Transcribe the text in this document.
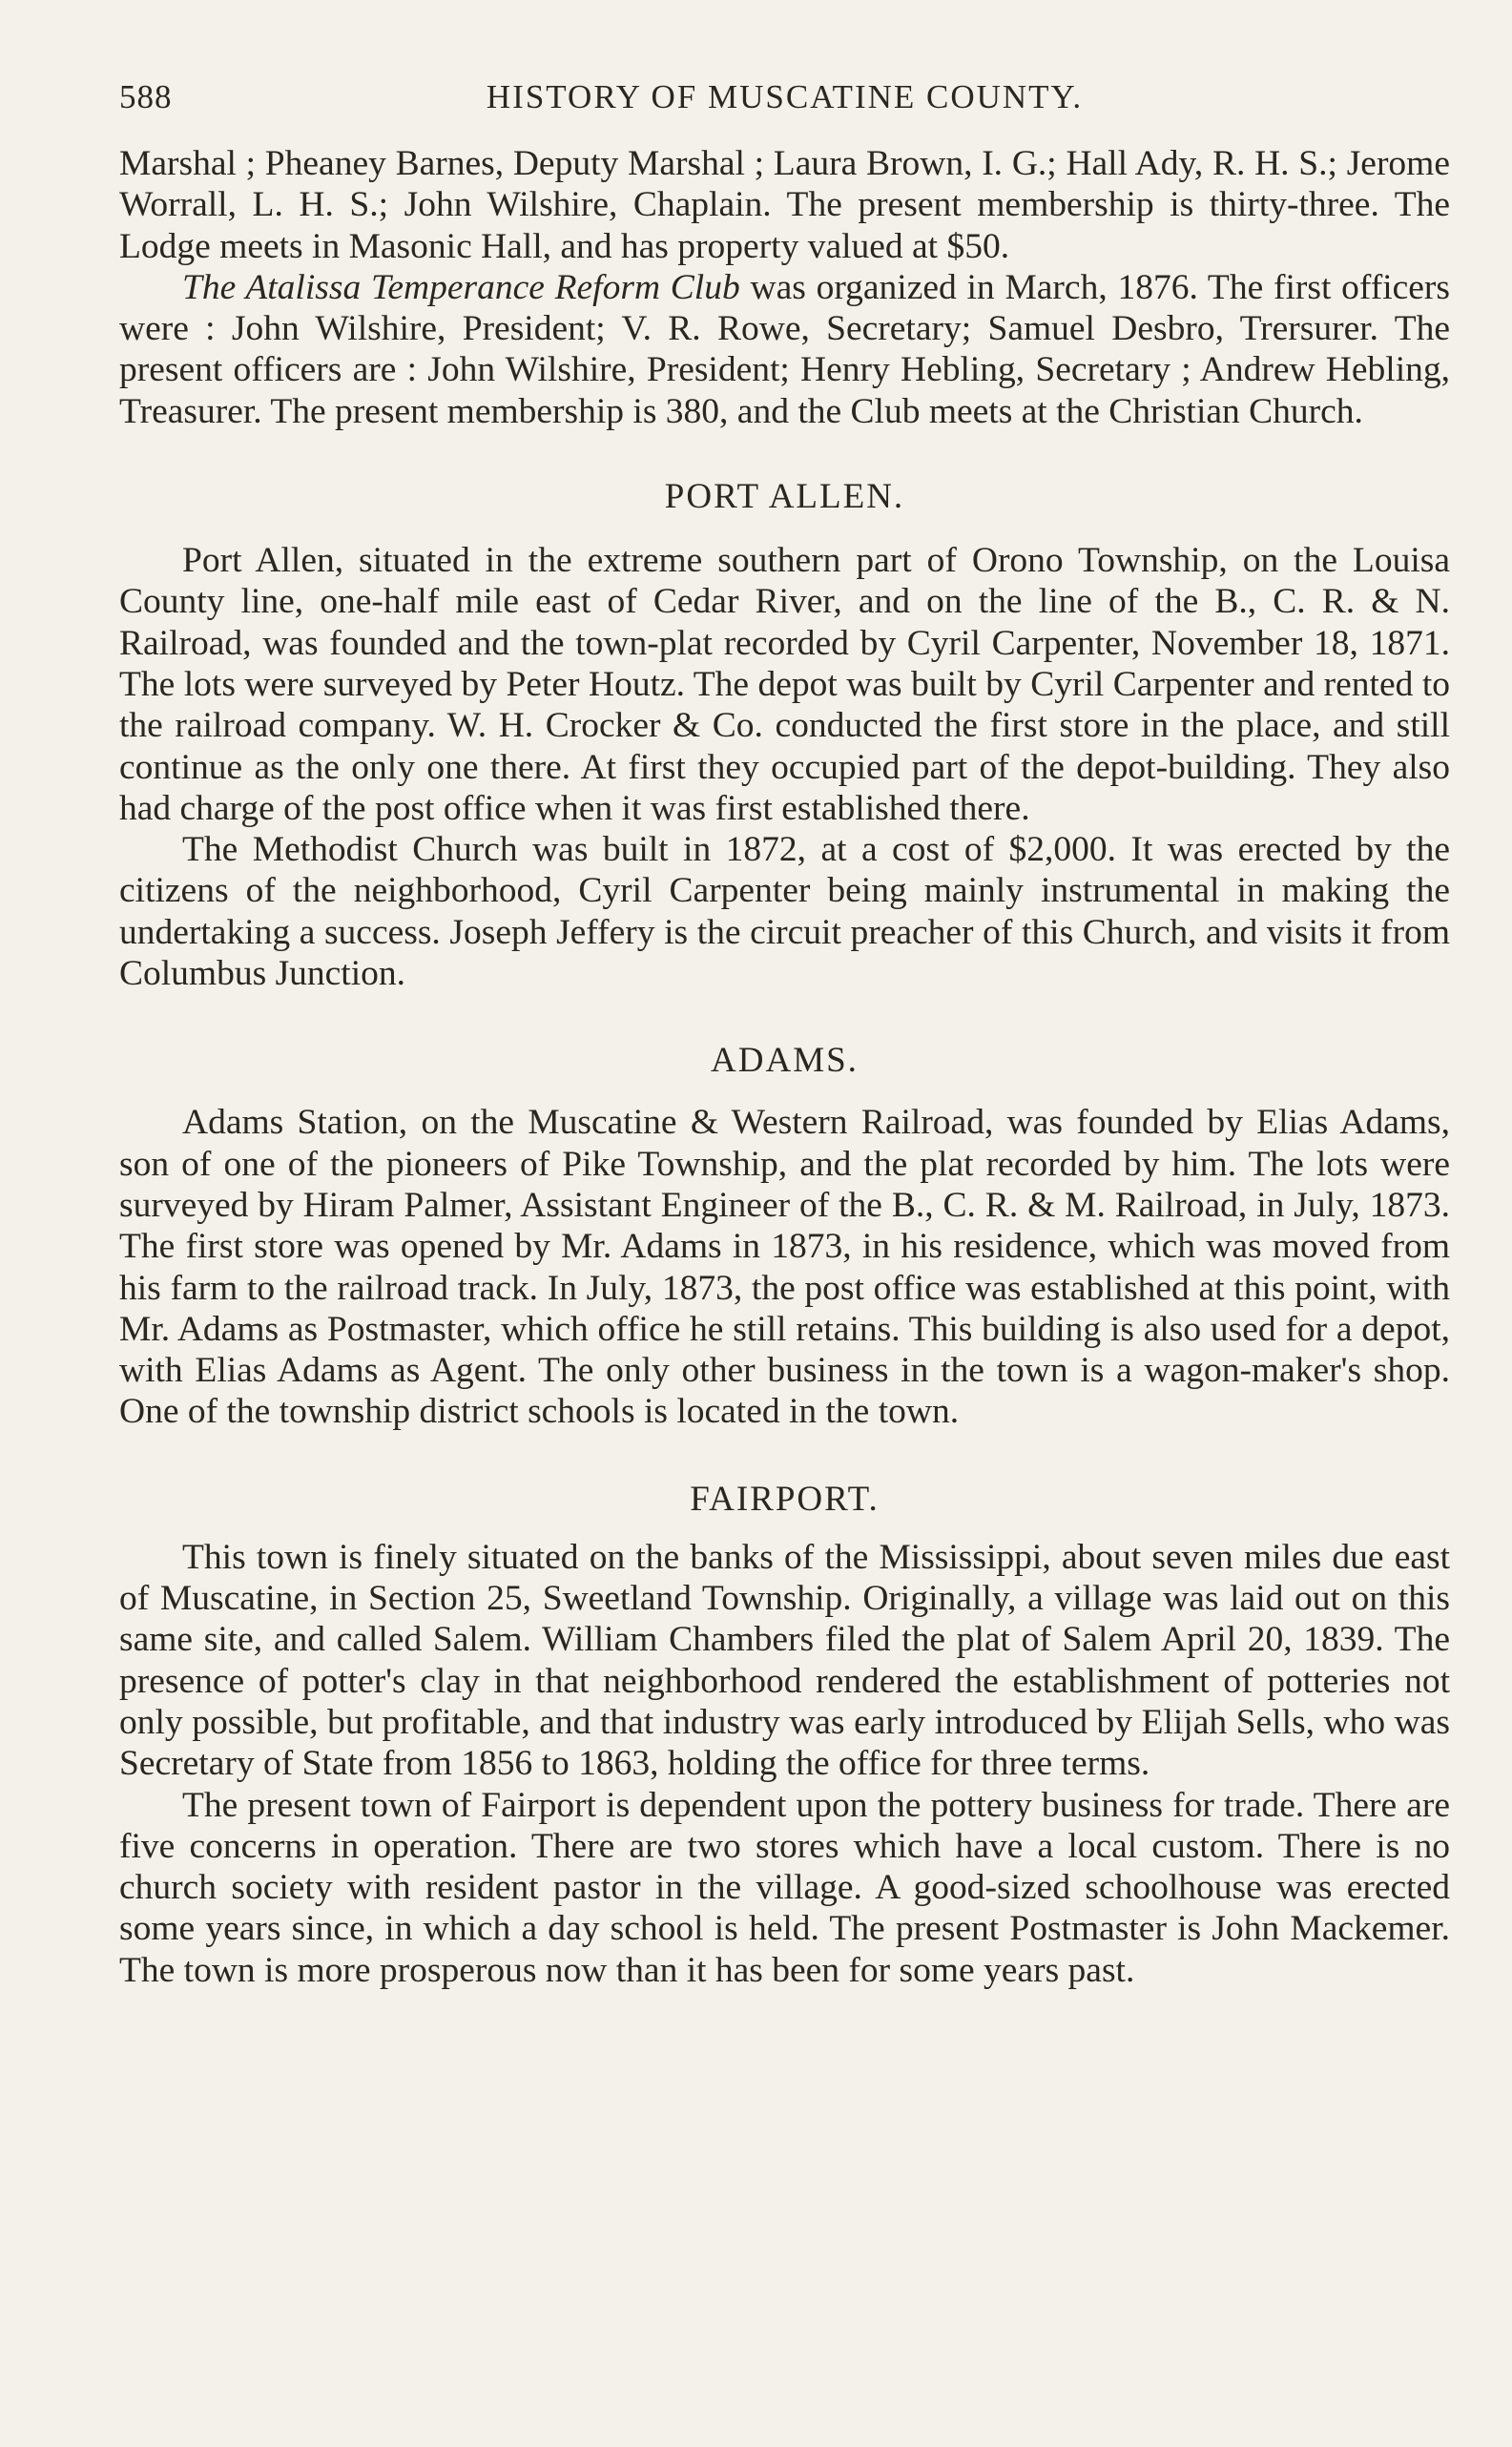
588	HISTORY OF MUSCATINE COUNTY.

Marshal ; Pheaney Barnes, Deputy Marshal ; Laura Brown, I. G.; Hall Ady, R. H. S.; Jerome Worrall, L. H. S.; John Wilshire, Chaplain. The present membership is thirty-three. The Lodge meets in Masonic Hall, and has property valued at $50.

The Atalissa Temperance Reform Club was organized in March, 1876. The first officers were : John Wilshire, President; V. R. Rowe, Secretary; Samuel Desbro, Trersurer. The present officers are : John Wilshire, President; Henry Hebling, Secretary ; Andrew Hebling, Treasurer. The present membership is 380, and the Club meets at the Christian Church.

PORT ALLEN.

Port Allen, situated in the extreme southern part of Orono Township, on the Louisa County line, one-half mile east of Cedar River, and on the line of the B., C. R. & N. Railroad, was founded and the town-plat recorded by Cyril Carpenter, November 18, 1871. The lots were surveyed by Peter Houtz. The depot was built by Cyril Carpenter and rented to the railroad company. W. H. Crocker & Co. conducted the first store in the place, and still continue as the only one there. At first they occupied part of the depot-building. They also had charge of the post office when it was first established there.

The Methodist Church was built in 1872, at a cost of $2,000. It was erected by the citizens of the neighborhood, Cyril Carpenter being mainly instrumental in making the undertaking a success. Joseph Jeffery is the circuit preacher of this Church, and visits it from Columbus Junction.

ADAMS.

Adams Station, on the Muscatine & Western Railroad, was founded by Elias Adams, son of one of the pioneers of Pike Township, and the plat recorded by him. The lots were surveyed by Hiram Palmer, Assistant Engineer of the B., C. R. & M. Railroad, in July, 1873. The first store was opened by Mr. Adams in 1873, in his residence, which was moved from his farm to the railroad track. In July, 1873, the post office was established at this point, with Mr. Adams as Postmaster, which office he still retains. This building is also used for a depot, with Elias Adams as Agent. The only other business in the town is a wagon-maker's shop. One of the township district schools is located in the town.

FAIRPORT.

This town is finely situated on the banks of the Mississippi, about seven miles due east of Muscatine, in Section 25, Sweetland Township. Originally, a village was laid out on this same site, and called Salem. William Chambers filed the plat of Salem April 20, 1839. The presence of potter's clay in that neighborhood rendered the establishment of potteries not only possible, but profitable, and that industry was early introduced by Elijah Sells, who was Secretary of State from 1856 to 1863, holding the office for three terms.

The present town of Fairport is dependent upon the pottery business for trade. There are five concerns in operation. There are two stores which have a local custom. There is no church society with resident pastor in the village. A good-sized schoolhouse was erected some years since, in which a day school is held. The present Postmaster is John Mackemer. The town is more prosperous now than it has been for some years past.
